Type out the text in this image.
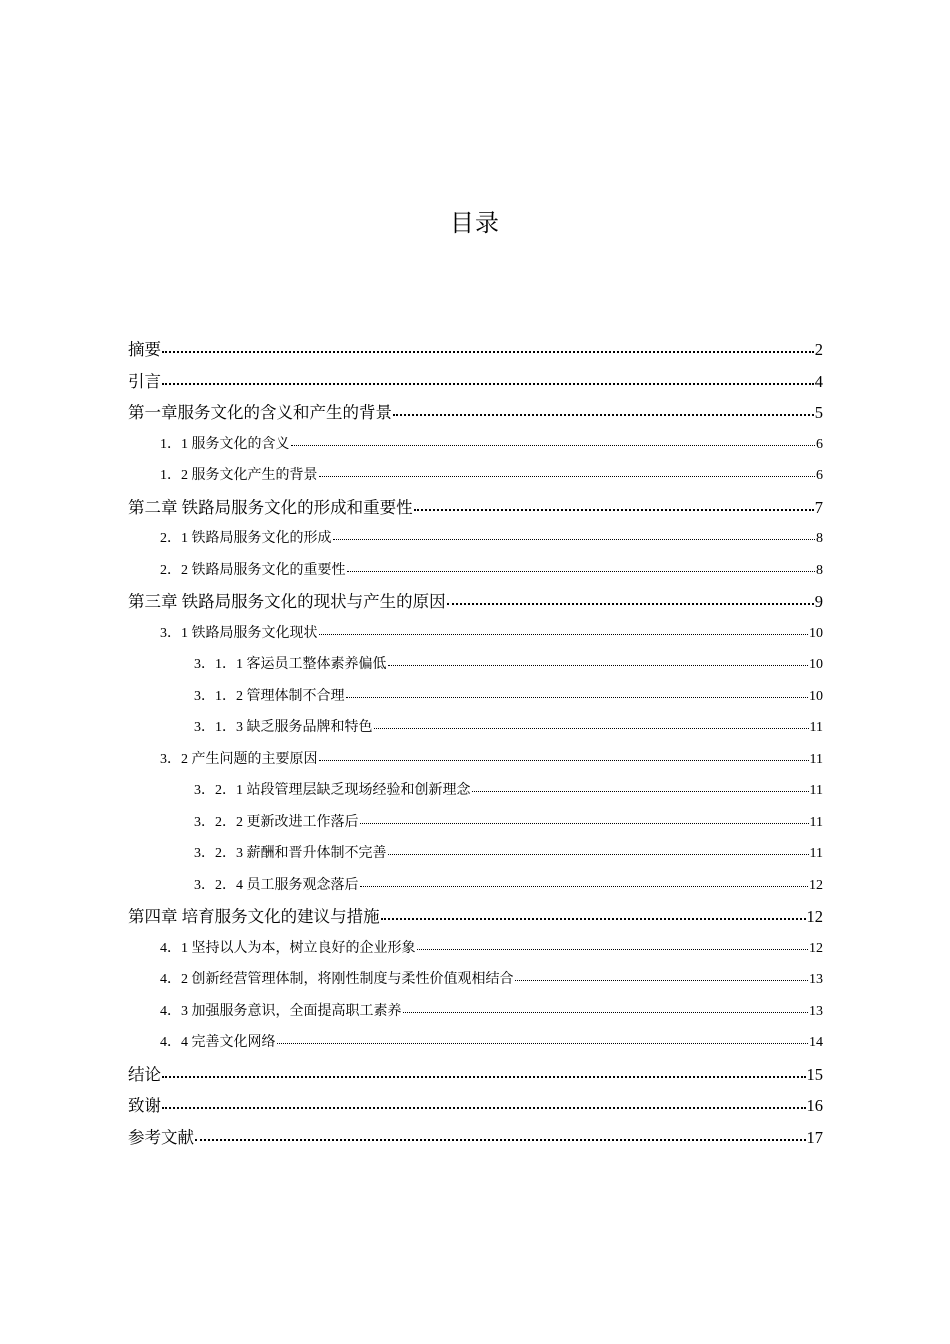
目录
摘要	2
引言	4
第一章服务文化的含义和产生的背景	5
1．1 服务文化的含义	6
1．2 服务文化产生的背景	6
第二章 铁路局服务文化的形成和重要性	7
2．1 铁路局服务文化的形成	8
2．2 铁路局服务文化的重要性	8
第三章 铁路局服务文化的现状与产生的原因	9
3．1 铁路局服务文化现状	10
3．1．1 客运员工整体素养偏低	10
3．1．2 管理体制不合理	10
3．1．3 缺乏服务品牌和特色	11
3．2 产生问题的主要原因	11
3．2．1 站段管理层缺乏现场经验和创新理念	11
3．2．2 更新改进工作落后	11
3．2．3 薪酬和晋升体制不完善	11
3．2．4 员工服务观念落后	12
第四章 培育服务文化的建议与措施	12
4．1 坚持以人为本，树立良好的企业形象	12
4．2 创新经营管理体制，将刚性制度与柔性价值观相结合	13
4．3 加强服务意识，全面提高职工素养	13
4．4 完善文化网络	14
结论	15
致谢	16
参考文献	17
